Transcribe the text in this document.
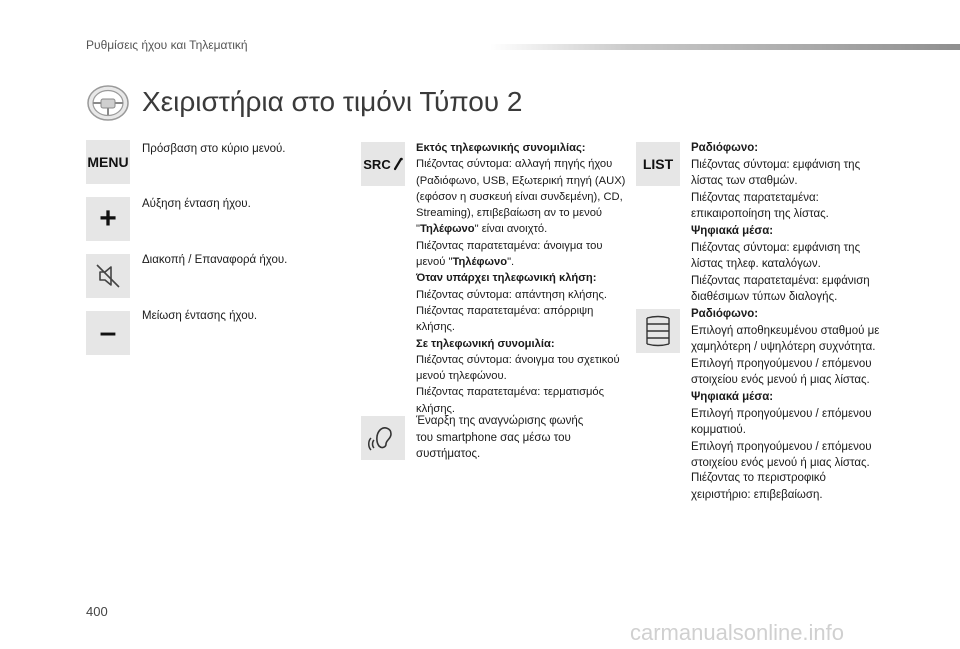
Ρυθμίσεις ήχου και Τηλεματική
Χειριστήρια στο τιμόνι Τύπου 2
MENU
Πρόσβαση στο κύριο μενού.
+ Αύξηση ένταση ήχου.
Διακοπή / Επαναφορά ήχου.
– Μείωση έντασης ήχου.
SRC

Εκτός τηλεφωνικής συνομιλίας:

Πιέζοντας σύντομα: αλλαγή πηγής ήχου

(Ραδιόφωνο, USB, Εξωτερική πηγή (AUX)

(εφόσον η συσκευή είναι συνδεμένη), CD,

Streaming), επιβεβαίωση αν το μενού

"Τηλέφωνο" είναι ανοιχτό.

Πιέζοντας παρατεταμένα: άνοιγμα του

μενού "Τηλέφωνο".

Όταν υπάρχει τηλεφωνική κλήση:

Πιέζοντας σύντομα: απάντηση κλήσης.

Πιέζοντας παρατεταμένα: απόρριψη

κλήσης.

Σε τηλεφωνική συνομιλία:

Πιέζοντας σύντομα: άνοιγμα του σχετικού

μενού τηλεφώνου.

Πιέζοντας παρατεταμένα: τερματισμός

κλήσης.

Έναρξη της αναγνώρισης φωνής

του smartphone σας μέσω του

συστήματος.

LIST

Ραδιόφωνο:

Πιέζοντας σύντομα: εμφάνιση της

λίστας των σταθμών.

Πιέζοντας παρατεταμένα:

επικαιροποίηση της λίστας.

Ψηφιακά μέσα:

Πιέζοντας σύντομα: εμφάνιση της

λίστας τηλεφ. καταλόγων.

Πιέζοντας παρατεταμένα: εμφάνιση

διαθέσιμων τύπων διαλογής.

Ραδιόφωνο:

Επιλογή αποθηκευμένου σταθμού με

χαμηλότερη / υψηλότερη συχνότητα.

Επιλογή προηγούμενου / επόμενου

στοιχείου ενός μενού ή μιας λίστας.

Ψηφιακά μέσα:

Επιλογή προηγούμενου / επόμενου

κομματιού.

Επιλογή προηγούμενου / επόμενου

στοιχείου ενός μενού ή μιας λίστας.

Πιέζοντας το περιστροφικό

χειριστήριο: επιβεβαίωση.

400
carmanualsonline.info
